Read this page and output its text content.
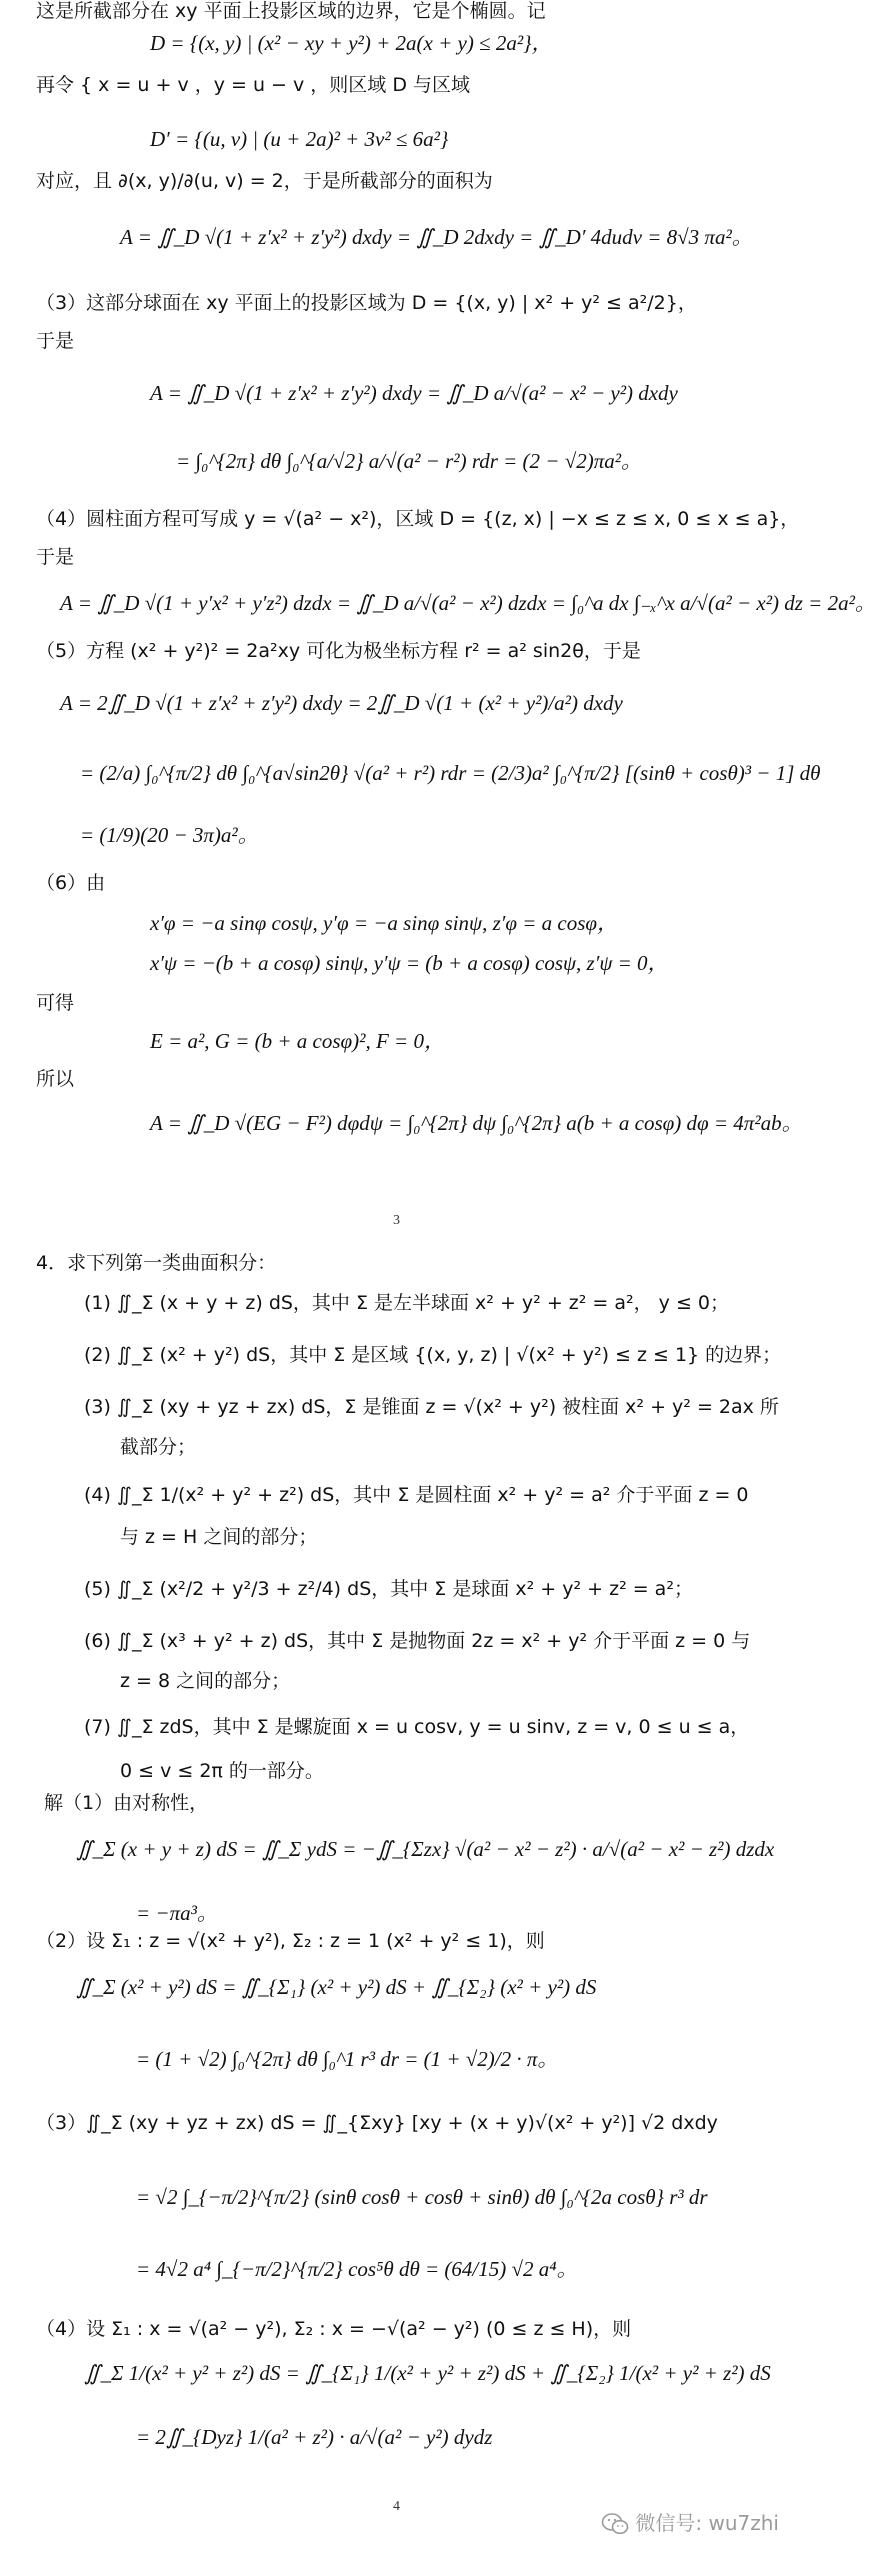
这是所截部分在 xy 平面上投影区域的边界，它是个椭圆。记
D = {(x, y) | (x² − xy + y²) + 2a(x + y) ≤ 2a²}，
再令 { x = u + v ，y = u − v ，则区域 D 与区域
D′ = {(u, v) | (u + 2a)² + 3v² ≤ 6a²}
对应，且 ∂(x, y)/∂(u, v) = 2，于是所截部分的面积为
A = ∬_D √(1 + z′x² + z′y²) dxdy = ∬_D 2dxdy = ∬_D′ 4dudv = 8√3 πa²。
（3）这部分球面在 xy 平面上的投影区域为 D = {(x, y) | x² + y² ≤ a²/2}，
于是
A = ∬_D √(1 + z′x² + z′y²) dxdy = ∬_D a/√(a² − x² − y²) dxdy
= ∫₀^{2π} dθ ∫₀^{a/√2} a/√(a² − r²) rdr = (2 − √2)πa²。
（4）圆柱面方程可写成 y = √(a² − x²)，区域 D = {(z, x) | −x ≤ z ≤ x, 0 ≤ x ≤ a}，
于是
A = ∬_D √(1 + y′x² + y′z²) dzdx = ∬_D a/√(a² − x²) dzdx = ∫₀^a dx ∫₋ₓ^x a/√(a² − x²) dz = 2a²。
（5）方程 (x² + y²)² = 2a²xy 可化为极坐标方程 r² = a² sin2θ，于是
A = 2∬_D √(1 + z′x² + z′y²) dxdy = 2∬_D √(1 + (x² + y²)/a²) dxdy
= (2/a) ∫₀^{π/2} dθ ∫₀^{a√sin2θ} √(a² + r²) rdr = (2/3)a² ∫₀^{π/2} [(sinθ + cosθ)³ − 1] dθ
= (1/9)(20 − 3π)a²。
（6）由
x′φ = −a sinφ cosψ, y′φ = −a sinφ sinψ, z′φ = a cosφ，
x′ψ = −(b + a cosφ) sinψ, y′ψ = (b + a cosφ) cosψ, z′ψ = 0，
可得
E = a², G = (b + a cosφ)², F = 0，
所以
A = ∬_D √(EG − F²) dφdψ = ∫₀^{2π} dψ ∫₀^{2π} a(b + a cosφ) dφ = 4π²ab。
4．求下列第一类曲面积分：
(1) ∬_Σ (x + y + z) dS，其中 Σ 是左半球面 x² + y² + z² = a²， y ≤ 0；
(2) ∬_Σ (x² + y²) dS，其中 Σ 是区域 {(x, y, z) | √(x² + y²) ≤ z ≤ 1} 的边界；
(3) ∬_Σ (xy + yz + zx) dS，Σ 是锥面 z = √(x² + y²) 被柱面 x² + y² = 2ax 所
截部分；
(4) ∬_Σ 1/(x² + y² + z²) dS，其中 Σ 是圆柱面 x² + y² = a² 介于平面 z = 0
与 z = H 之间的部分；
(5) ∬_Σ (x²/2 + y²/3 + z²/4) dS，其中 Σ 是球面 x² + y² + z² = a²；
(6) ∬_Σ (x³ + y² + z) dS，其中 Σ 是抛物面 2z = x² + y² 介于平面 z = 0 与
z = 8 之间的部分；
(7) ∬_Σ zdS，其中 Σ 是螺旋面 x = u cosv, y = u sinv, z = v, 0 ≤ u ≤ a，
0 ≤ v ≤ 2π 的一部分。
解（1）由对称性，
∬_Σ (x + y + z) dS = ∬_Σ ydS = −∬_{Σzx} √(a² − x² − z²) · a/√(a² − x² − z²) dzdx
= −πa³。
（2）设 Σ₁ : z = √(x² + y²), Σ₂ : z = 1 (x² + y² ≤ 1)，则
∬_Σ (x² + y²) dS = ∬_{Σ₁} (x² + y²) dS + ∬_{Σ₂} (x² + y²) dS
= (1 + √2) ∫₀^{2π} dθ ∫₀^1 r³ dr = (1 + √2)/2 · π。
（3）∬_Σ (xy + yz + zx) dS = ∬_{Σxy} [xy + (x + y)√(x² + y²)] √2 dxdy
= √2 ∫_{−π/2}^{π/2} (sinθ cosθ + cosθ + sinθ) dθ ∫₀^{2a cosθ} r³ dr
= 4√2 a⁴ ∫_{−π/2}^{π/2} cos⁵θ dθ = (64/15) √2 a⁴。
（4）设 Σ₁ : x = √(a² − y²), Σ₂ : x = −√(a² − y²) (0 ≤ z ≤ H)，则
∬_Σ 1/(x² + y² + z²) dS = ∬_{Σ₁} 1/(x² + y² + z²) dS + ∬_{Σ₂} 1/(x² + y² + z²) dS
= 2∬_{Dyz} 1/(a² + z²) · a/√(a² − y²) dydz
3
4
微信号: wu7zhi
